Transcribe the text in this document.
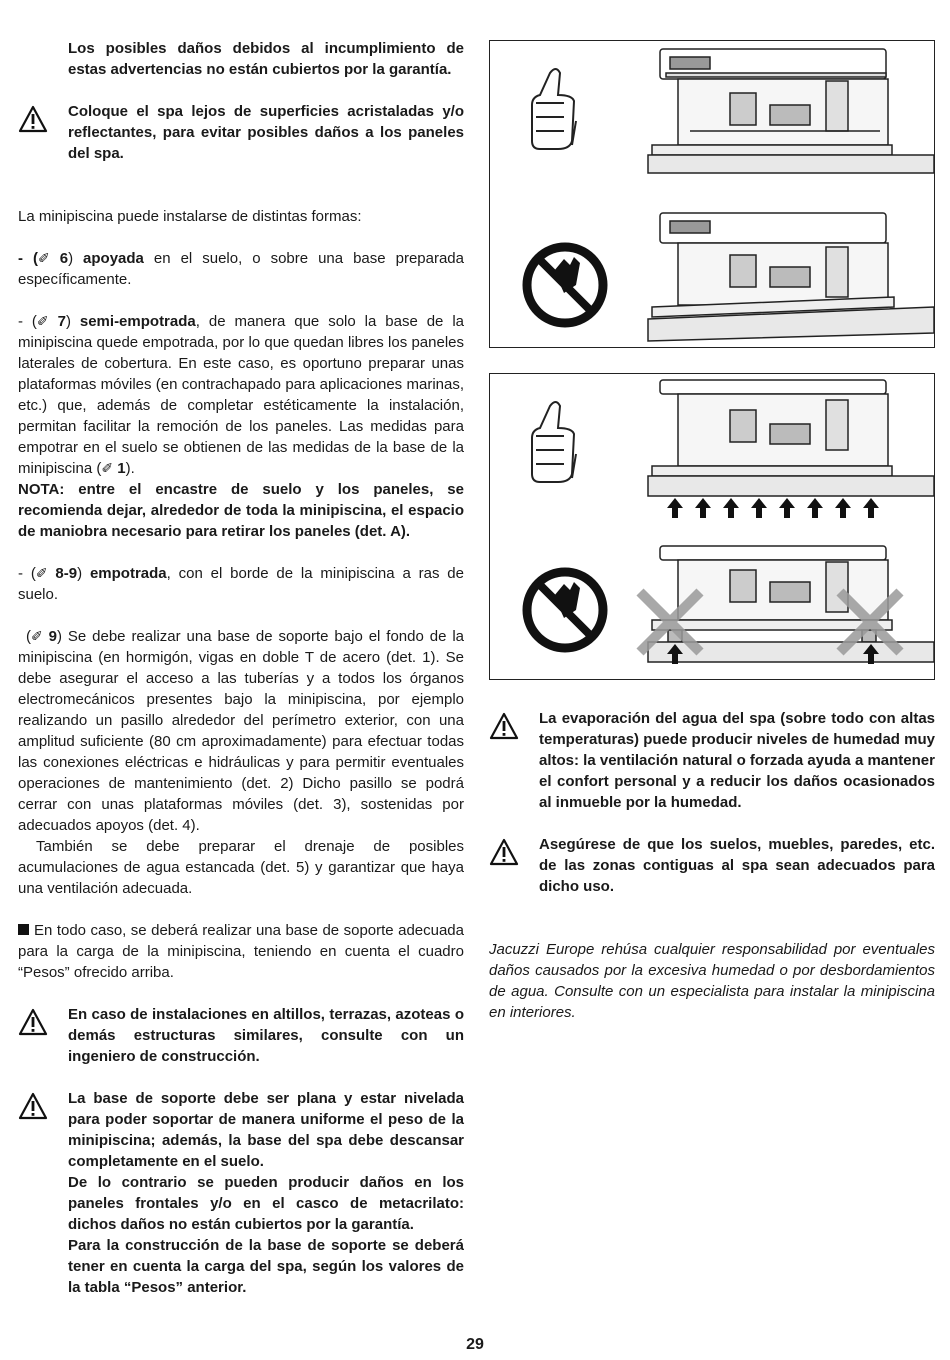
Los posibles daños debidos al incumplimiento de estas advertencias no están cubiertos por la garantía.

Coloque el spa lejos de superficies acristaladas y/o reflectantes, para evitar posibles daños a los paneles del spa.

La minipiscina puede instalarse de distintas formas:

- (✐ 6) apoyada en el suelo, o sobre una base preparada específicamente.

- (✐ 7) semi-empotrada, de manera que solo la base de la minipiscina quede empotrada, por lo que quedan libres los paneles laterales de cobertura. En este caso, es oportuno preparar unas plataformas móviles (en contrachapado para aplicaciones marinas, etc.) que, además de completar estéticamente la instalación, permitan facilitar la remoción de los paneles. Las medidas para empotrar en el suelo se obtienen de las medidas de la base de la minipiscina (✐ 1).

NOTA: entre el encastre de suelo y los paneles, se recomienda dejar, alrededor de toda la minipiscina, el espacio de maniobra necesario para retirar los paneles (det. A).

- (✐ 8-9) empotrada, con el borde de la minipiscina a ras de suelo.

(✐ 9) Se debe realizar una base de soporte bajo el fondo de la minipiscina (en hormigón, vigas en doble T de acero (det. 1). Se debe asegurar el acceso a las tuberías y a todos los órganos electromecánicos presentes bajo la minipiscina, por ejemplo realizando un pasillo alrededor del perímetro exterior, con una amplitud suficiente (80 cm aproximadamente) para efectuar todas las conexiones eléctricas e hidráulicas y para permitir eventuales operaciones de mantenimiento (det. 2) Dicho pasillo se podrá cerrar con unas plataformas móviles (det. 3), sostenidas por adecuados apoyos (det. 4).

También se debe preparar el drenaje de posibles acumulaciones de agua estancada (det. 5) y garantizar que haya una ventilación adecuada.

En todo caso, se deberá realizar una base de soporte adecuada para la carga de la minipiscina, teniendo en cuenta el cuadro “Pesos” ofrecido arriba.

En caso de instalaciones en altillos, terrazas, azoteas o demás estructuras similares, consulte con un ingeniero de construcción.

La base de soporte debe ser plana y estar nivelada para poder soportar de manera uniforme el peso de la minipiscina; además, la base del spa debe descansar completamente en el suelo.

De lo contrario se pueden producir daños en los paneles frontales y/o en el casco de metacrilato: dichos daños no están cubiertos por la garantía.

Para la construcción de la base de soporte se deberá tener en cuenta la carga del spa, según los valores de la tabla “Pesos” anterior.

La evaporación del agua del spa (sobre todo con altas temperaturas) puede producir niveles de humedad muy altos: la ventilación natural o forzada ayuda a mantener el confort personal y a reducir los daños ocasionados al inmueble por la humedad.
Asegúrese de que los suelos, muebles, paredes, etc. de las zonas contiguas al spa sean adecuados para dicho uso.

Jacuzzi Europe rehúsa cualquier responsabilidad por eventuales daños causados por la excesiva humedad o por desbordamientos de agua. Consulte con un especialista para instalar la minipiscina en interiores.

29
